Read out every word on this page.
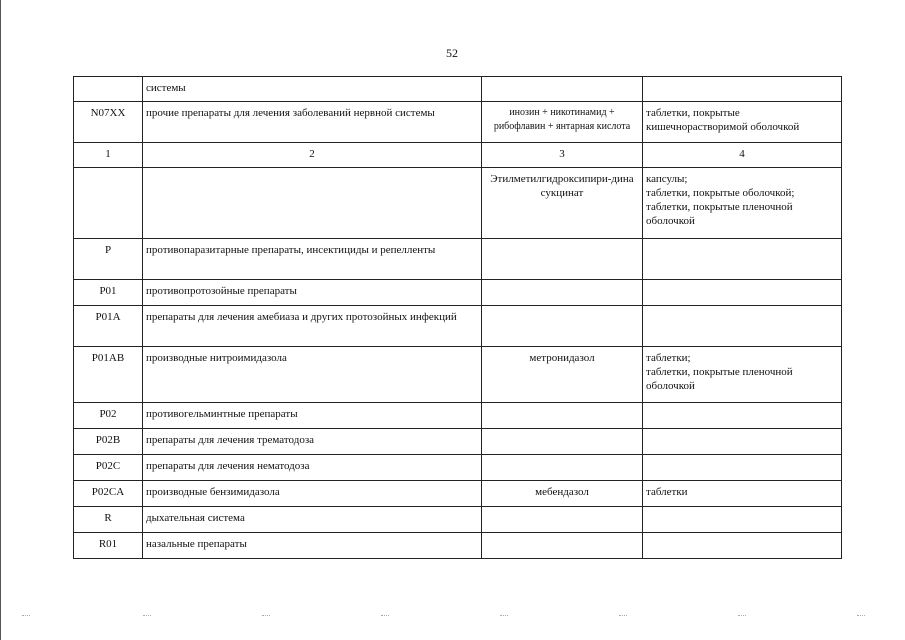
52
	системы		
N07XX	прочие препараты для лечения заболеваний нервной системы	инозин + никотинамид + рибофлавин + янтарная кислота	таблетки, покрытые кишечнорастворимой оболочкой
1	2	3	4
		Этилметилгидроксипири-дина сукцинат	капсулы;
таблетки, покрытые оболочкой;
таблетки, покрытые пленочной оболочкой
P	противопаразитарные препараты, инсектициды и репелленты		
P01	противопротозойные препараты		
P01A	препараты для лечения амебиаза и других протозойных инфекций		
P01AB	производные нитроимидазола	метронидазол	таблетки;
таблетки, покрытые пленочной оболочкой
P02	противогельминтные препараты		
P02B	препараты для лечения трематодоза		
P02C	препараты для лечения нематодоза		
P02CA	производные бензимидазола	мебендазол	таблетки
R	дыхательная система		
R01	назальные препараты		
